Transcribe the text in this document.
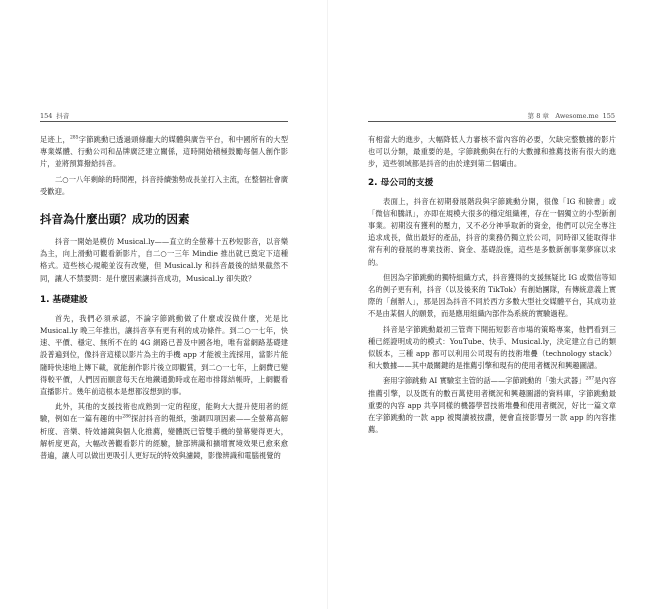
154 抖音

足迹上，$^{285}$字節跳動已透過頭條龐大的媒體與廣告平台，和中國所有的大型專業媒體、行動公司和品牌廣泛建立關係，這時開始積極鼓勵每個人創作影片，並將預算撥給抖音。

二○一八年剩餘的時間裡，抖音持續強勢成長並打入主流，在整個社會廣受歡迎。

抖音為什麼出頭？成功的因素

抖音一開始是模仿 Musical.ly——直立的全螢幕十五秒短影音，以音樂為主，向上滑動可觀看新影片，自二○一三年 Mindie 推出就已奠定下這種格式。這些核心規範並沒有改變，但 Musical.ly 和抖音最後的結果截然不同，讓人不禁要問：是什麼因素讓抖音成功，Musical.ly 卻失敗？

1. 基礎建設

首先，我們必須承認，不論字節跳動做了什麼或沒做什麼，光是比 Musical.ly 晚三年推出，讓抖音享有更有利的成功條件。到二○一七年，快速、平價、穩定、無所不在的 4G 網路已普及中國各地，唯有當網路基礎建設普遍到位，像抖音這樣以影片為主的手機 app 才能被主流採用，當影片能隨時快速地上傳下載，就能創作影片後立即觀賞，到二○一七年，上網費已變得較平價，人們因而願意每天在地鐵通勤時或在超市排隊結帳時，上網觀看直播影片。幾年前這根本是想都沒想到的事。

此外，其他的支援技術也成熟到一定的程度，能夠大大提升使用者的經驗，例如在一篇有趣的中$^{286}$探討抖音的報紙，強調四項因素——全螢幕高解析度、音樂、特效濾鏡與個人化推薦，變體既已管雙手機的螢幕變得更大，解析度更高，大幅改善觀看影片的經驗，臉部辨識和擴增實境效果已愈來愈普遍，讓人可以做出更吸引人更好玩的特效與濾鏡，影像辨識和電腦視覺的

第 8 章　Awesome.me 155

有相當大的進步，大幅降低人力審核不當內容的必要，欠缺完整數據的影片也可以分類，最重要的是，字節跳動與在行的大數據和推薦技術有很大的進步，這些領域都是抖音的由於達到第二個壩由。

2. 母公司的支援

表面上，抖音在初期發展階段與字節跳動分開，很像「IG 和臉書」或「微信和騰訊」，亦即在規模大很多的穩定組織裡，存在一個獨立的小型新創事業。初期沒有獲利的壓力，又不必分神爭取新的資金，他們可以完全專注追求成長，做出最好的產品，抖音的業務仍獨立於公司，同時卻又能取得非常有利的發展的專業技術、資金、基礎設施，這些是多數新創事業夢寐以求的。

但因為字節跳動的獨特組織方式，抖音獲得的支援無疑比 IG 或微信等知名的例子更有利，抖音（以及後來的 TikTok）有創始團隊，有傳統意義上實際的「創辦人」，那是因為抖音不同於西方多數大型社交媒體平台，其成功並不是由某個人的願景，而是應用組織內部作為系統的實驗過程。

抖音是字節跳動最初三管齊下開拓短影音市場的策略專案，他們看到三種已經證明成功的模式：YouTube、快手、Musical.ly，決定建立自己的類似版本，三種 app 都可以利用公司現有的技術堆疊（technology stack）和大數據——其中最關鍵的是推薦引擎和現有的使用者概況和興趣圖譜。

套用字節跳動 AI 實驗室主管的話——字節跳動的「強大武器」$^{287}$是內容推薦引擎，以及既有的數百萬使用者概況和興趣圖譜的資料庫，字節跳動最重要的內容 app 共享同樣的機器學習技術堆疊和使用者概況，好比一篇文章在字節跳動的一款 app 被閱讀被按讚，便會直接影響另一款 app 的內容推薦。
